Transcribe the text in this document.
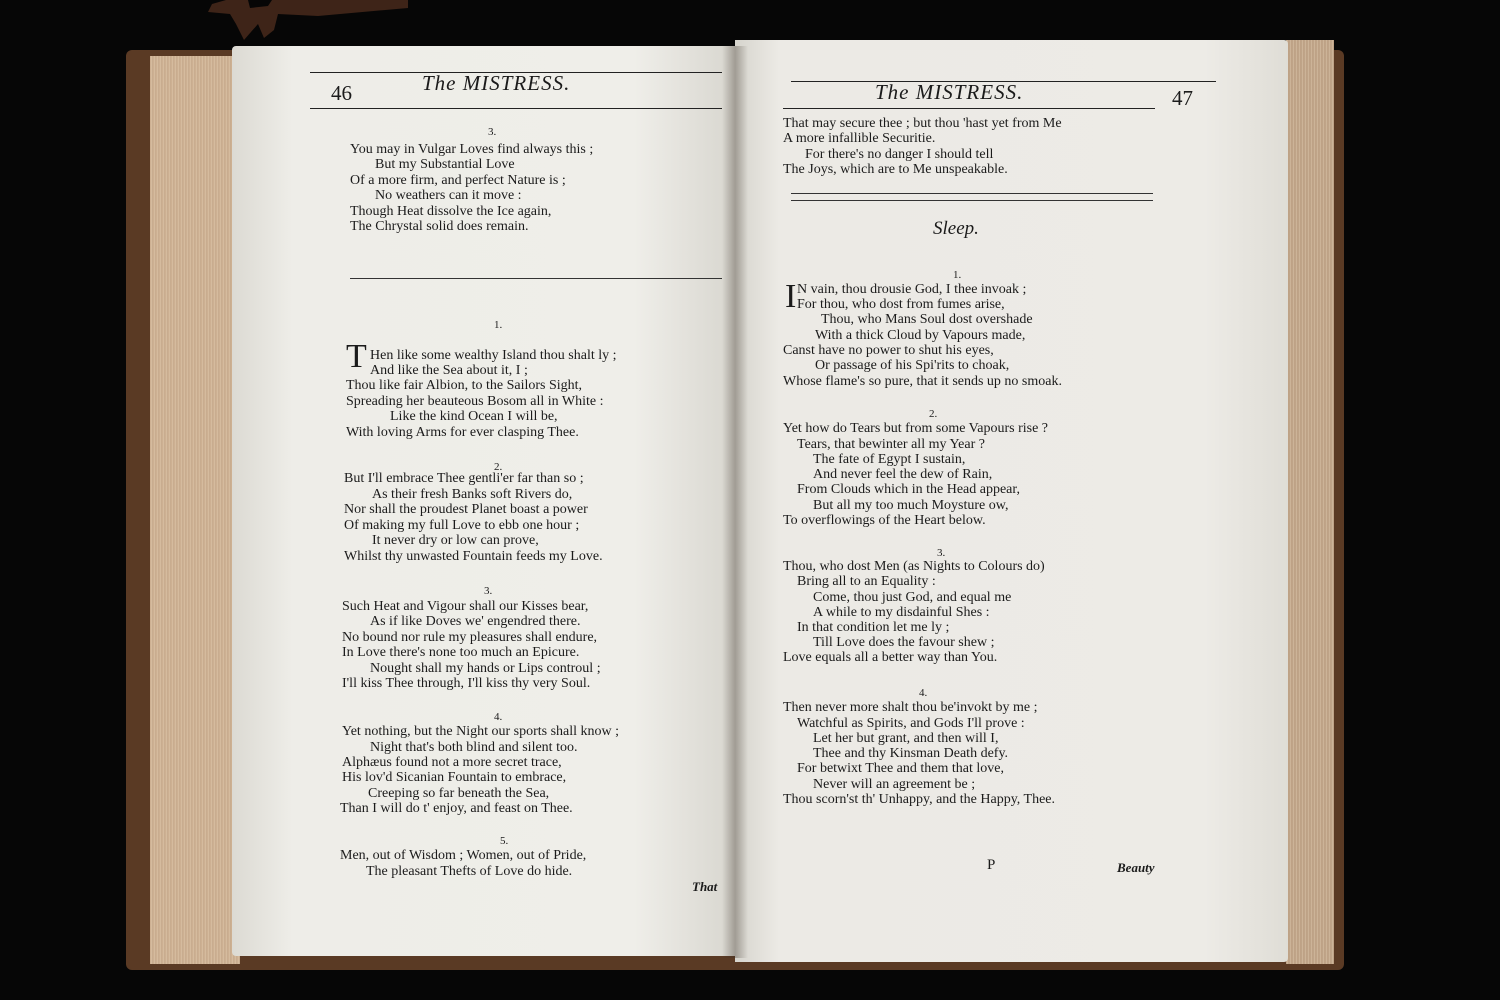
46	The MISTRESS.
3.
You may in Vulgar Loves find always this ;
But my Substantial Love
Of a more firm, and perfect Nature is ;
No weathers can it move :
Though Heat dissolve the Ice again,
The Chrystal solid does remain.
1.
T Hen like some wealthy Island thou shalt ly ;
And like the Sea about it, I ;
Thou like fair Albion, to the Sailors Sight,
Spreading her beauteous Bosom all in White :
Like the kind Ocean I will be,
With loving Arms for ever clasping Thee.
2.
But I'll embrace Thee gentli'er far than so ;
As their fresh Banks soft Rivers do,
Nor shall the proudest Planet boast a power
Of making my full Love to ebb one hour ;
It never dry or low can prove,
Whilst thy unwasted Fountain feeds my Love.
3.
Such Heat and Vigour shall our Kisses bear,
As if like Doves we' engendred there.
No bound nor rule my pleasures shall endure,
In Love there's none too much an Epicure.
Nought shall my hands or Lips controul ;
I'll kiss Thee through, I'll kiss thy very Soul.
4.
Yet nothing, but the Night our sports shall know ;
Night that's both blind and silent too.
Alphæus found not a more secret trace,
His lov'd Sicanian Fountain to embrace,
Creeping so far beneath the Sea,
Than I will do t' enjoy, and feast on Thee.
5.
Men, out of Wisdom ; Women, out of Pride,
The pleasant Thefts of Love do hide.
That
The MISTRESS.	47
That may secure thee ; but thou 'hast yet from Me
A more infallible Securitie.
For there's no danger I should tell
The Joys, which are to Me unspeakable.
Sleep.
1.
I N vain, thou drousie God, I thee invoak ;
For thou, who dost from fumes arise,
Thou, who Mans Soul dost overshade
With a thick Cloud by Vapours made,
Canst have no power to shut his eyes,
Or passage of his Spi'rits to choak,
Whose flame's so pure, that it sends up no smoak.
2.
Yet how do Tears but from some Vapours rise ?
Tears, that bewinter all my Year ?
The fate of Egypt I sustain,
And never feel the dew of Rain,
From Clouds which in the Head appear,
But all my too much Moysture ow,
To overflowings of the Heart below.
3.
Thou, who dost Men (as Nights to Colours do)
Bring all to an Equality :
Come, thou just God, and equal me
A while to my disdainful Shes :
In that condition let me ly ;
Till Love does the favour shew ;
Love equals all a better way than You.
4.
Then never more shalt thou be'invokt by me ;
Watchful as Spirits, and Gods I'll prove :
Let her but grant, and then will I,
Thee and thy Kinsman Death defy.
For betwixt Thee and them that love,
Never will an agreement be ;
Thou scorn'st th' Unhappy, and the Happy, Thee.
P	Beauty
